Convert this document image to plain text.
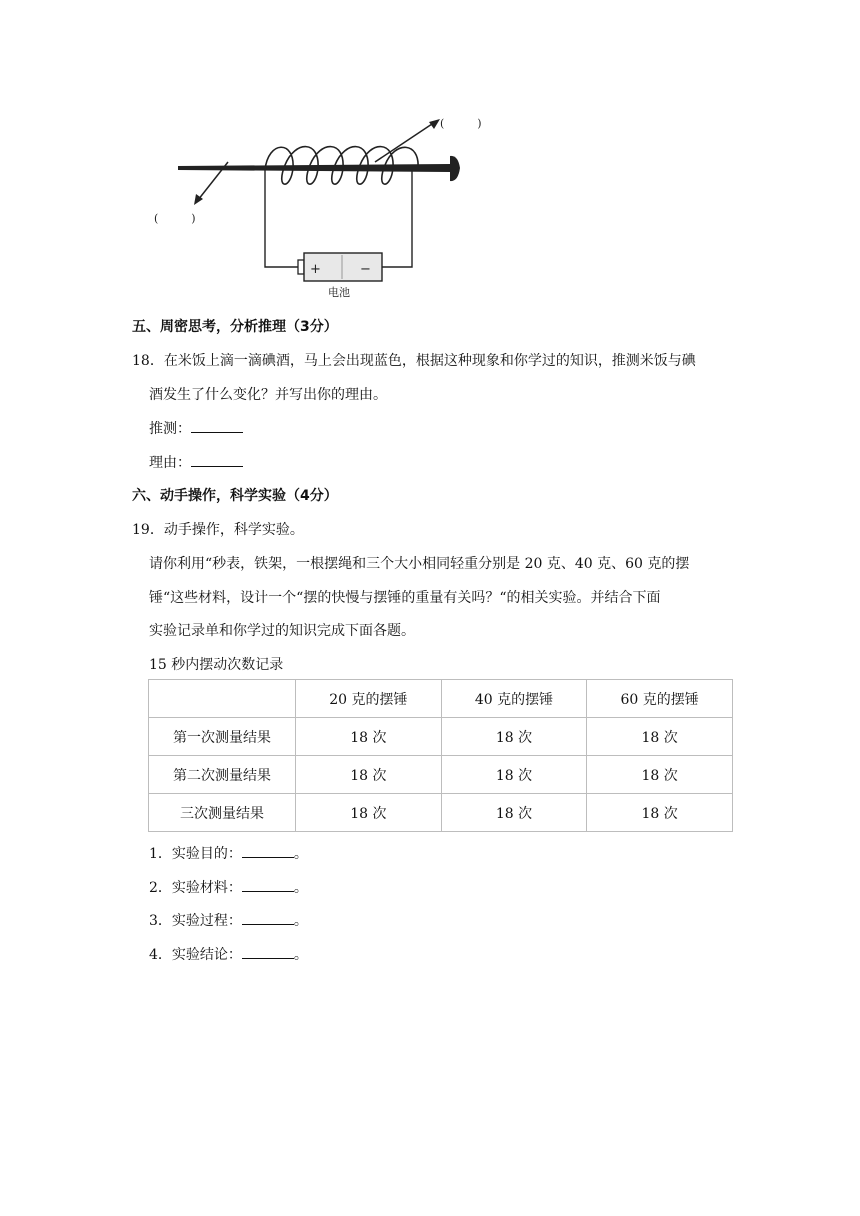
+	−
电池
(　　　)
(　　　)
五、周密思考，分析推理（3分）
18．在米饭上滴一滴碘酒，马上会出现蓝色，根据这种现象和你学过的知识，推测米饭与碘
酒发生了什么变化？并写出你的理由。
推测：
理由：
六、动手操作，科学实验（4分）
19．动手操作，科学实验。
请你利用“秒表，铁架，一根摆绳和三个大小相同轻重分别是 20 克、40 克、60 克的摆
锤“这些材料，设计一个“摆的快慢与摆锤的重量有关吗？“的相关实验。并结合下面
实验记录单和你学过的知识完成下面各题。
15 秒内摆动次数记录
	20 克的摆锤	40 克的摆锤	60 克的摆锤
第一次测量结果	18 次	18 次	18 次
第二次测量结果	18 次	18 次	18 次
三次测量结果	18 次	18 次	18 次
1．实验目的：	。
2．实验材料：	。
3．实验过程：	。
4．实验结论：	。
